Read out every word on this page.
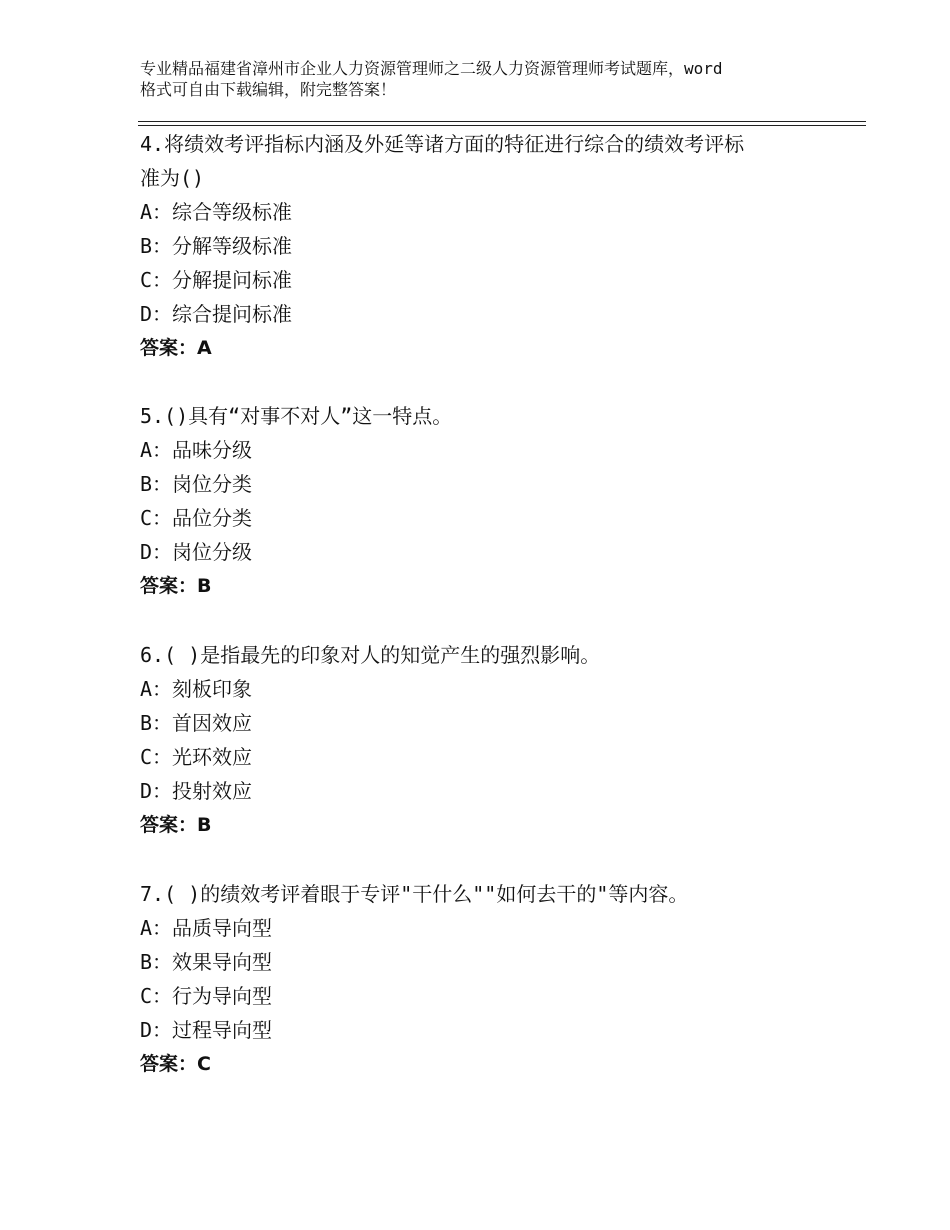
专业精品福建省漳州市企业人力资源管理师之二级人力资源管理师考试题库，word
格式可自由下载编辑，附完整答案！
4.将绩效考评指标内涵及外延等诸方面的特征进行综合的绩效考评标
准为()
A：综合等级标准
B：分解等级标准
C：分解提问标准
D：综合提问标准
答案：A
5.()具有“对事不对人”这一特点。
A：品味分级
B：岗位分类
C：品位分类
D：岗位分级
答案：B
6.( )是指最先的印象对人的知觉产生的强烈影响。
A：刻板印象
B：首因效应
C：光环效应
D：投射效应
答案：B
7.( )的绩效考评着眼于专评"干什么""如何去干的"等内容。
A：品质导向型
B：效果导向型
C：行为导向型
D：过程导向型
答案：C
